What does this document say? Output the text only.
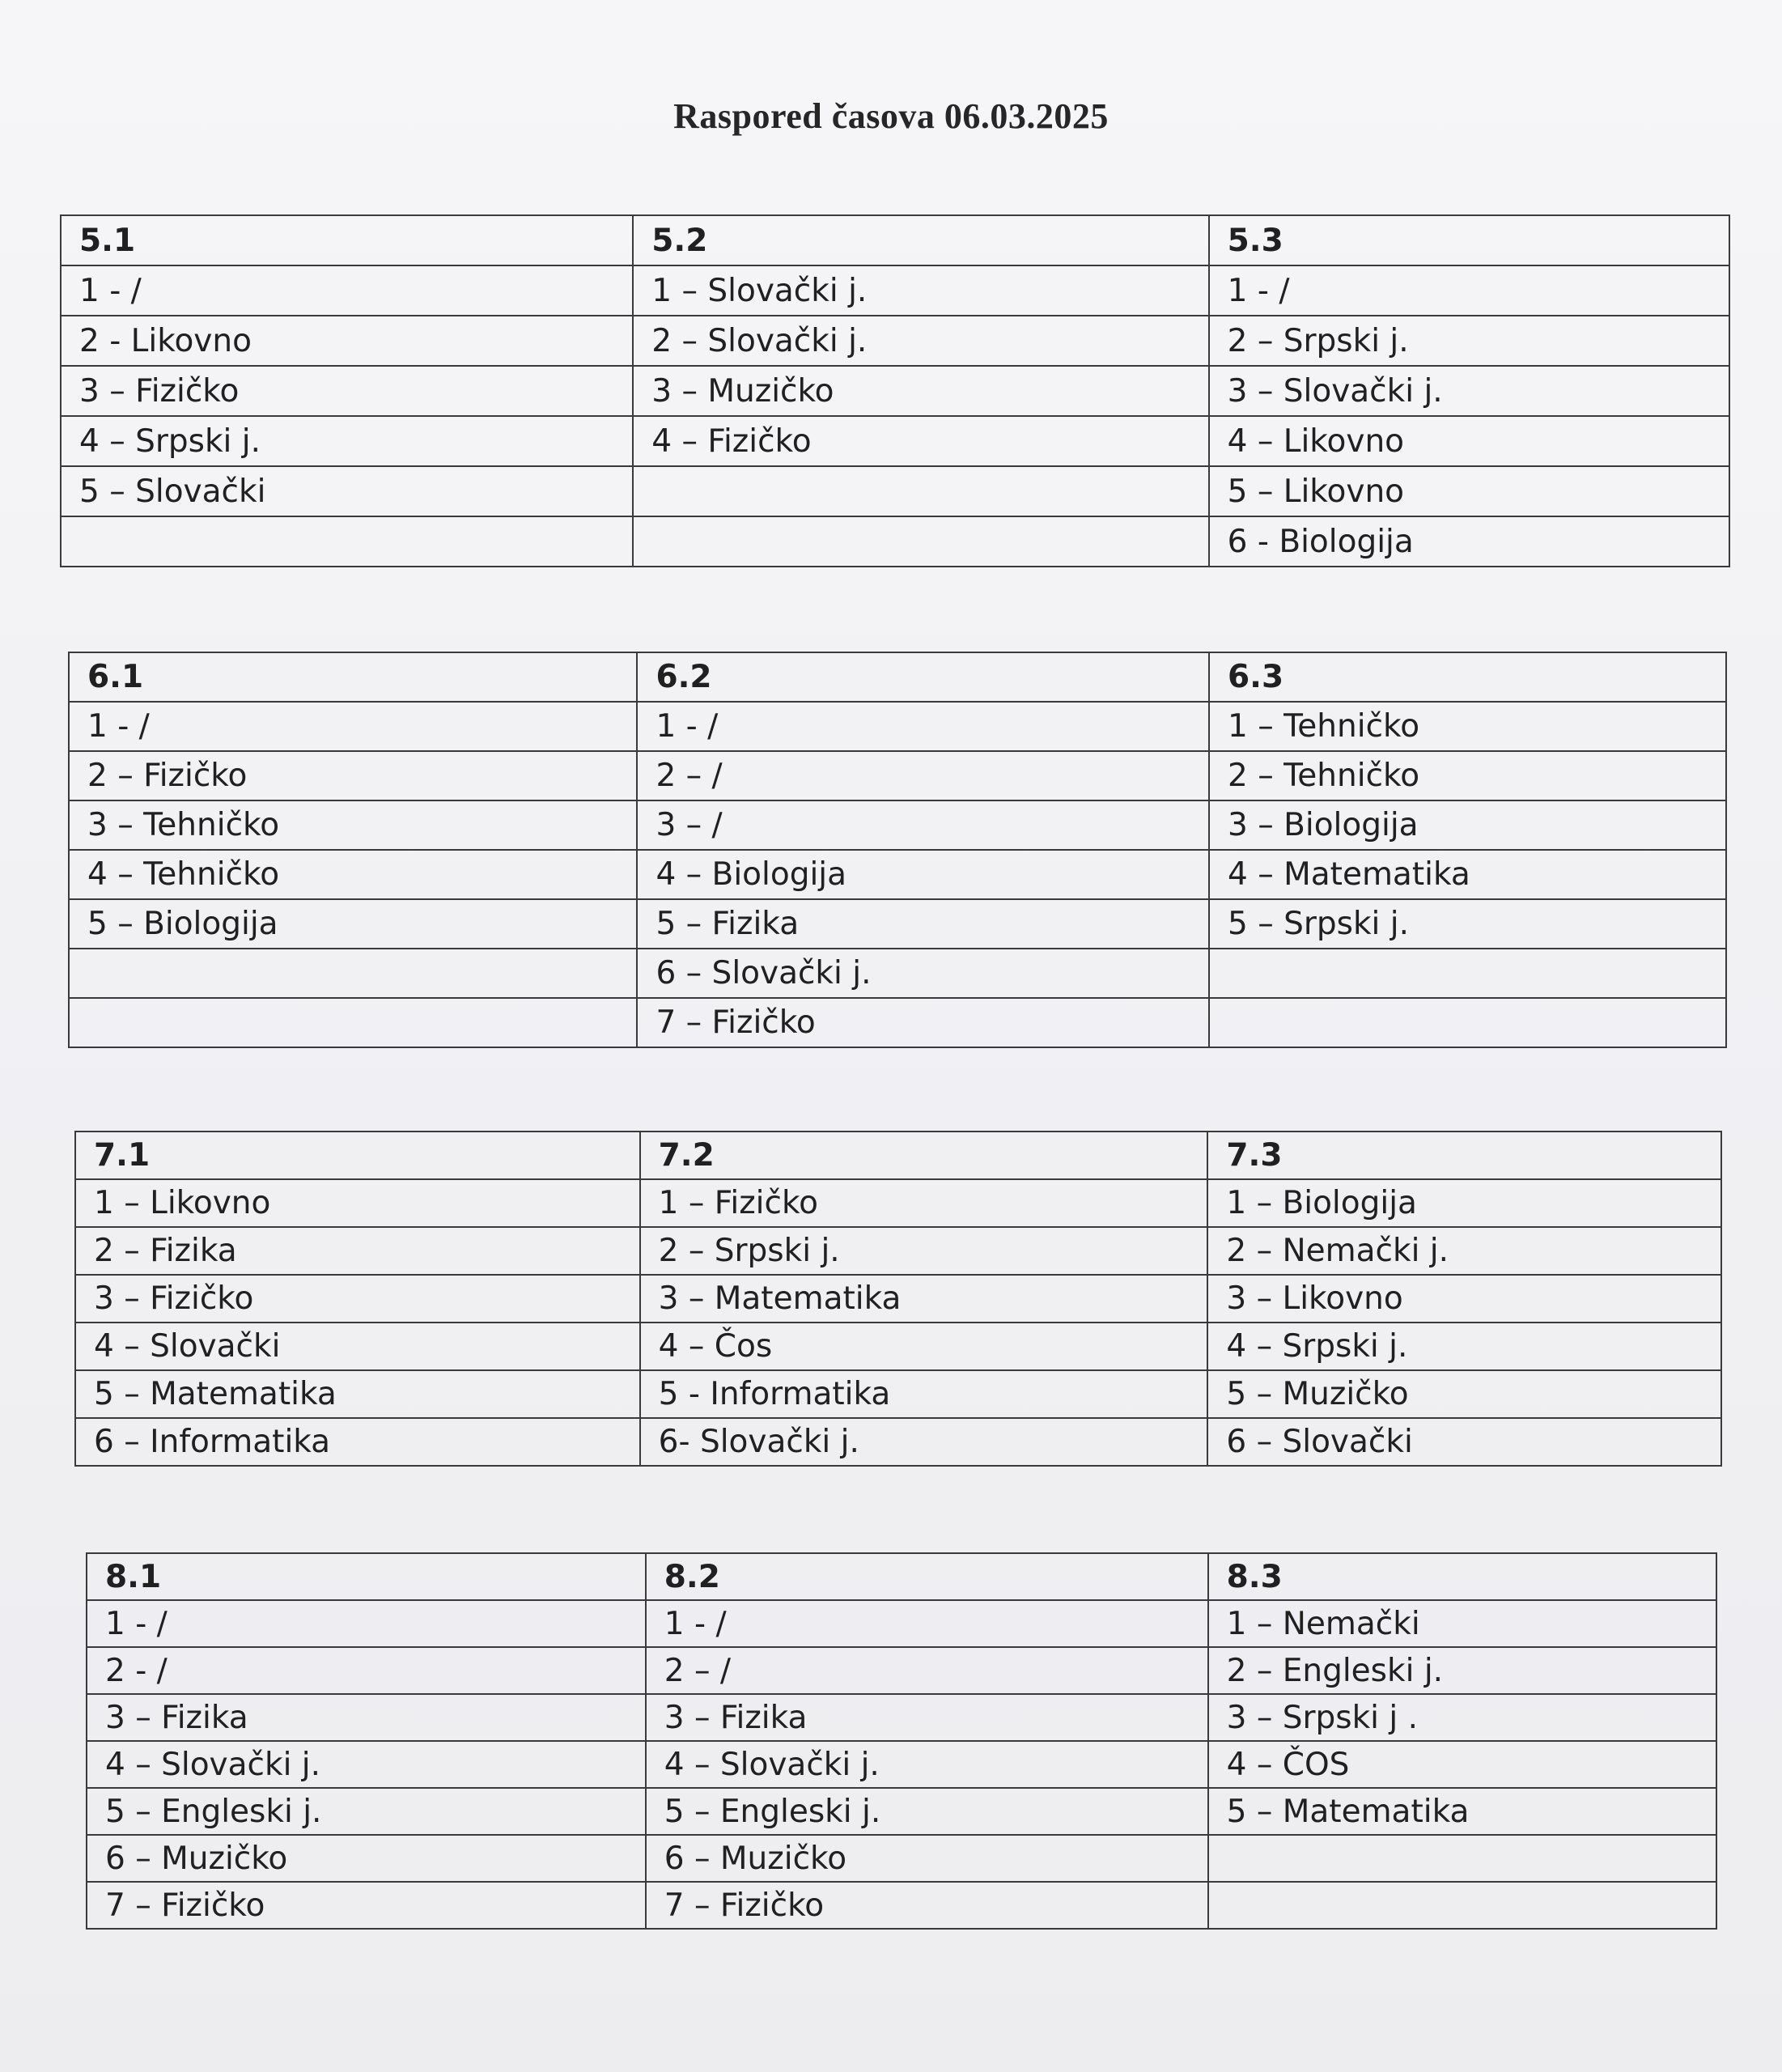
Raspored časova 06.03.2025
5.1	5.2	5.3
1 - /	1 – Slovački j.	1 - /
2 - Likovno	2 – Slovački j.	2 – Srpski j.
3 – Fizičko	3 – Muzičko	3 – Slovački j.
4 – Srpski j.	4 – Fizičko	4 – Likovno
5 – Slovački		5 – Likovno
		6 - Biologija
6.1	6.2	6.3
1 - /	1 - /	1 – Tehničko
2 – Fizičko	2 – /	2 – Tehničko
3 – Tehničko	3 – /	3 – Biologija
4 – Tehničko	4 – Biologija	4 – Matematika
5 – Biologija	5 – Fizika	5 – Srpski j.
	6 – Slovački j.	
	7 – Fizičko	
7.1	7.2	7.3
1 – Likovno	1 – Fizičko	1 – Biologija
2 – Fizika	2 – Srpski j.	2 – Nemački j.
3 – Fizičko	3 – Matematika	3 – Likovno
4 – Slovački	4 – Čos	4 – Srpski j.
5 – Matematika	5 - Informatika	5 – Muzičko
6 – Informatika	6- Slovački j.	6 – Slovački
8.1	8.2	8.3
1 - /	1 - /	1 – Nemački
2 - /	2 – /	2 – Engleski j.
3 – Fizika	3 – Fizika	3 – Srpski j .
4 – Slovački j.	4 – Slovački j.	4 – ČOS
5 – Engleski j.	5 – Engleski j.	5 – Matematika
6 – Muzičko	6 – Muzičko	
7 – Fizičko	7 – Fizičko	
